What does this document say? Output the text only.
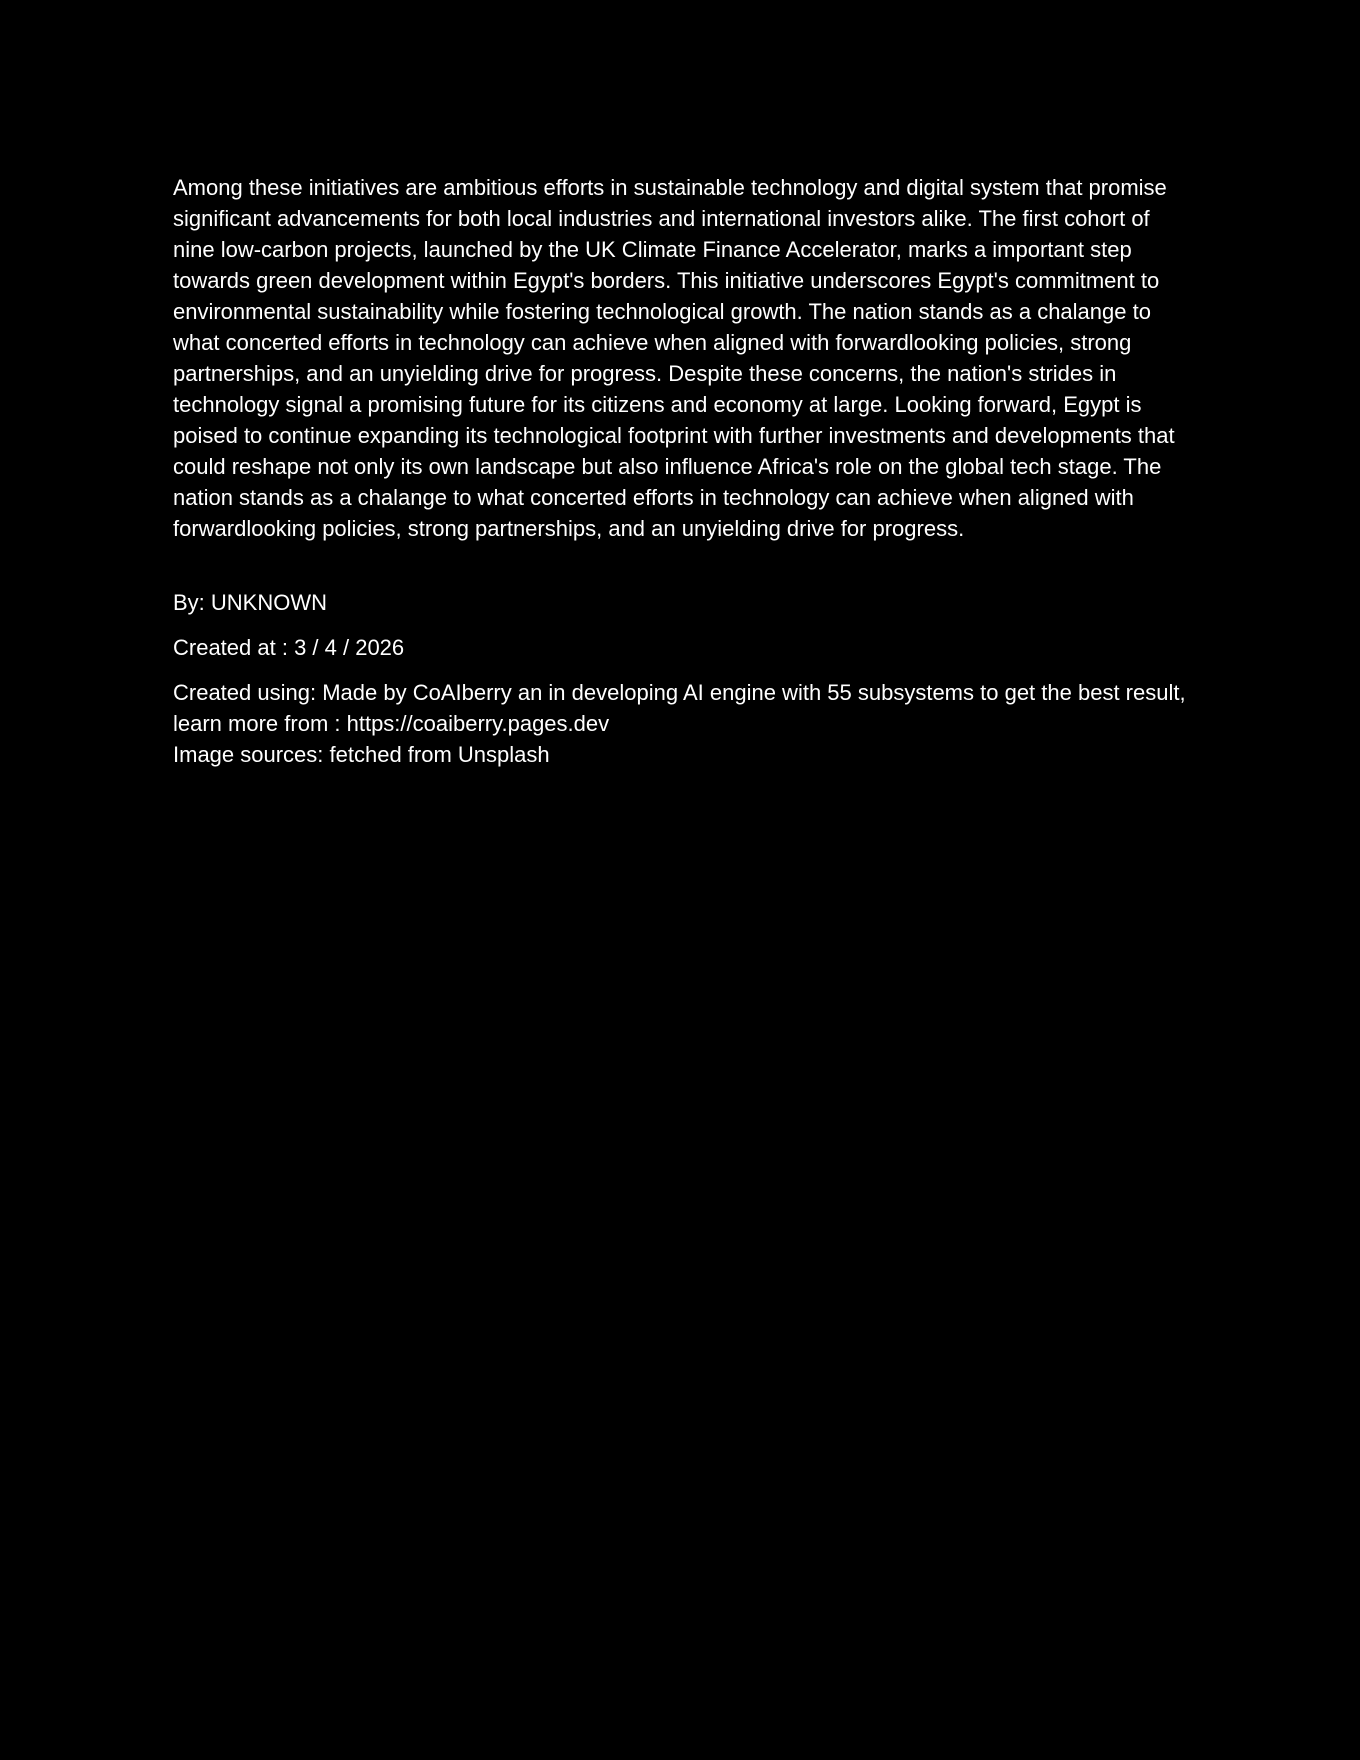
Among these initiatives are ambitious efforts in sustainable technology and digital system that promise significant advancements for both local industries and international investors alike. The first cohort of nine low-carbon projects, launched by the UK Climate Finance Accelerator, marks a important step towards green development within Egypt's borders. This initiative underscores Egypt's commitment to environmental sustainability while fostering technological growth. The nation stands as a chalange to what concerted efforts in technology can achieve when aligned with forwardlooking policies, strong partnerships, and an unyielding drive for progress. Despite these concerns, the nation's strides in technology signal a promising future for its citizens and economy at large. Looking forward, Egypt is poised to continue expanding its technological footprint with further investments and developments that could reshape not only its own landscape but also influence Africa's role on the global tech stage. The nation stands as a chalange to what concerted efforts in technology can achieve when aligned with forwardlooking policies, strong partnerships, and an unyielding drive for progress.

By: UNKNOWN

Created at : 3 / 4 / 2026

Created using: Made by CoAIberry an in developing AI engine with 55 subsystems to get the best result, learn more from : https://coaiberry.pages.dev
Image sources: fetched from Unsplash
